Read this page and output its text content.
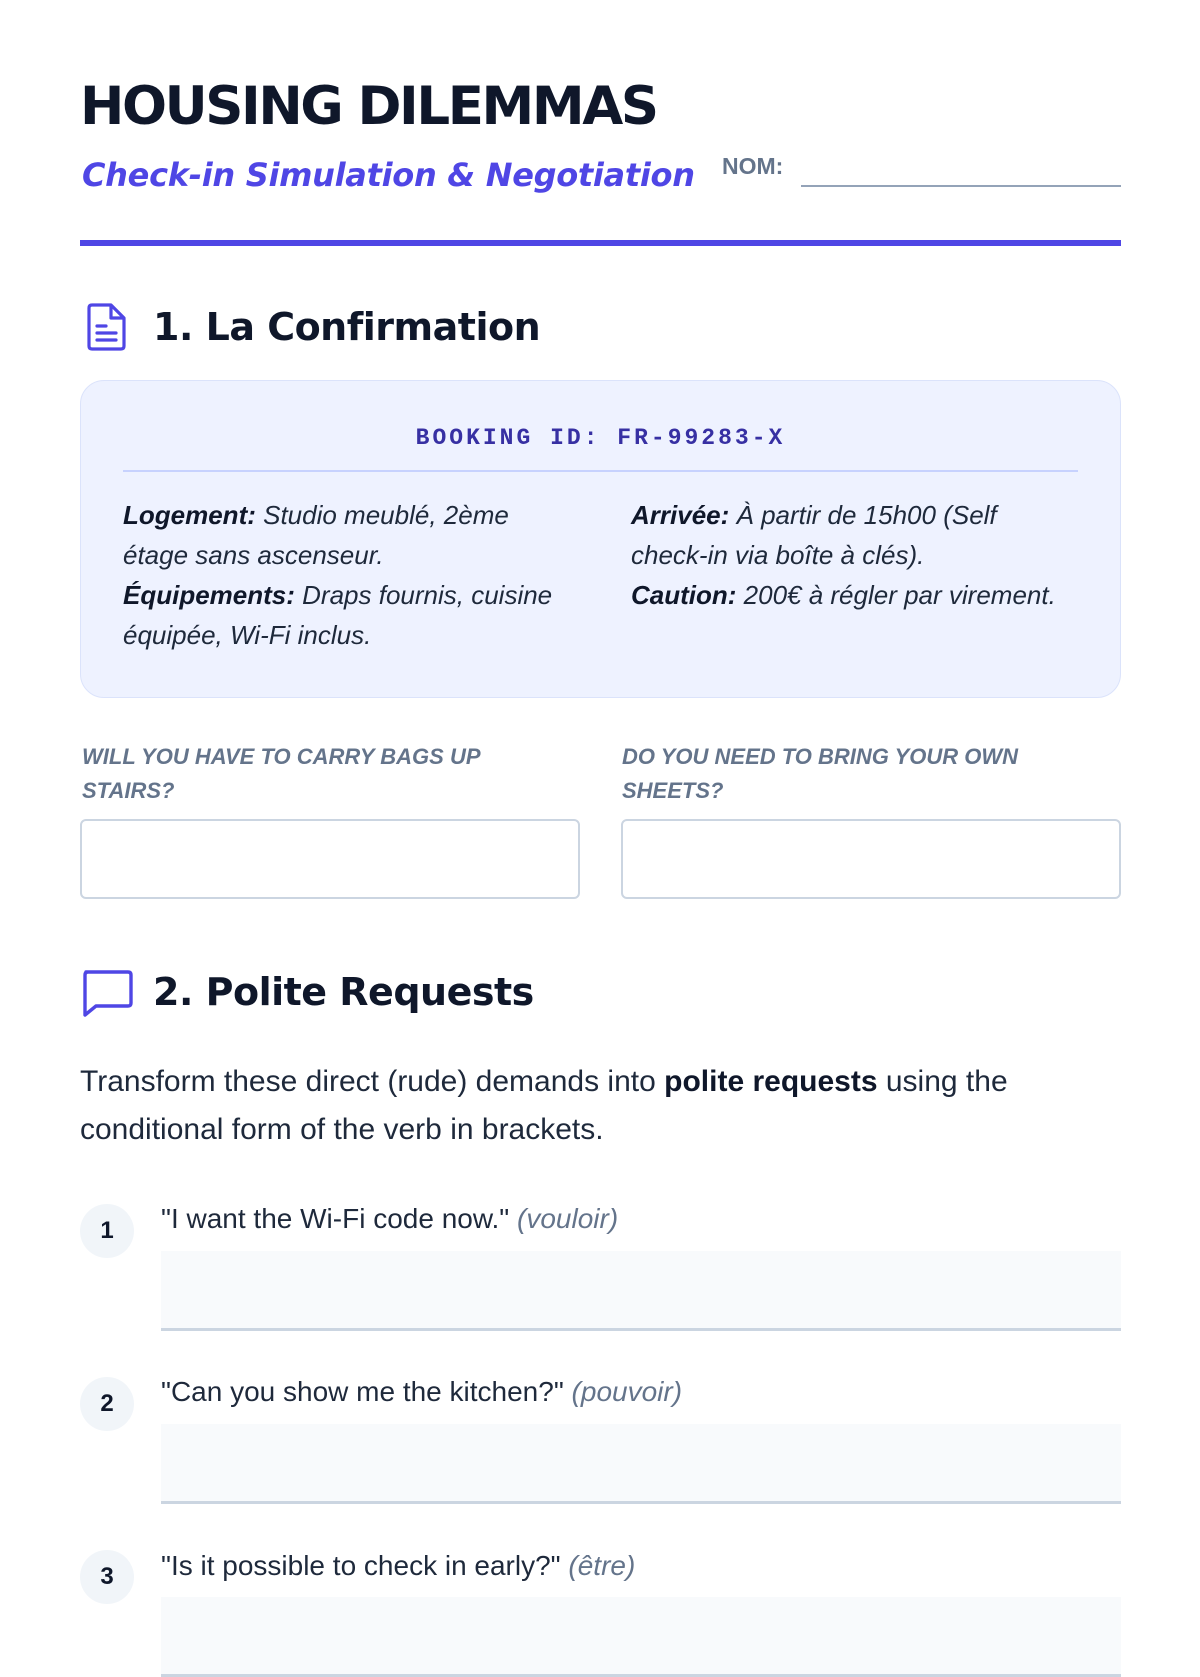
HOUSING DILEMMAS
Check-in Simulation & Negotiation NOM:
1. La Confirmation
BOOKING ID: FR-99283-X
Logement: Studio meublé, 2ème étage sans ascenseur.
Équipements: Draps fournis, cuisine équipée, Wi-Fi inclus.
Arrivée: À partir de 15h00 (Self check-in via boîte à clés).
Caution: 200€ à régler par virement.
WILL YOU HAVE TO CARRY BAGS UP STAIRS?
DO YOU NEED TO BRING YOUR OWN SHEETS?
2. Polite Requests

Transform these direct (rude) demands into polite requests using the conditional form of the verb in brackets.

1	"I want the Wi-Fi code now." (vouloir)
2	"Can you show me the kitchen?" (pouvoir)
3	"Is it possible to check in early?" (être)
